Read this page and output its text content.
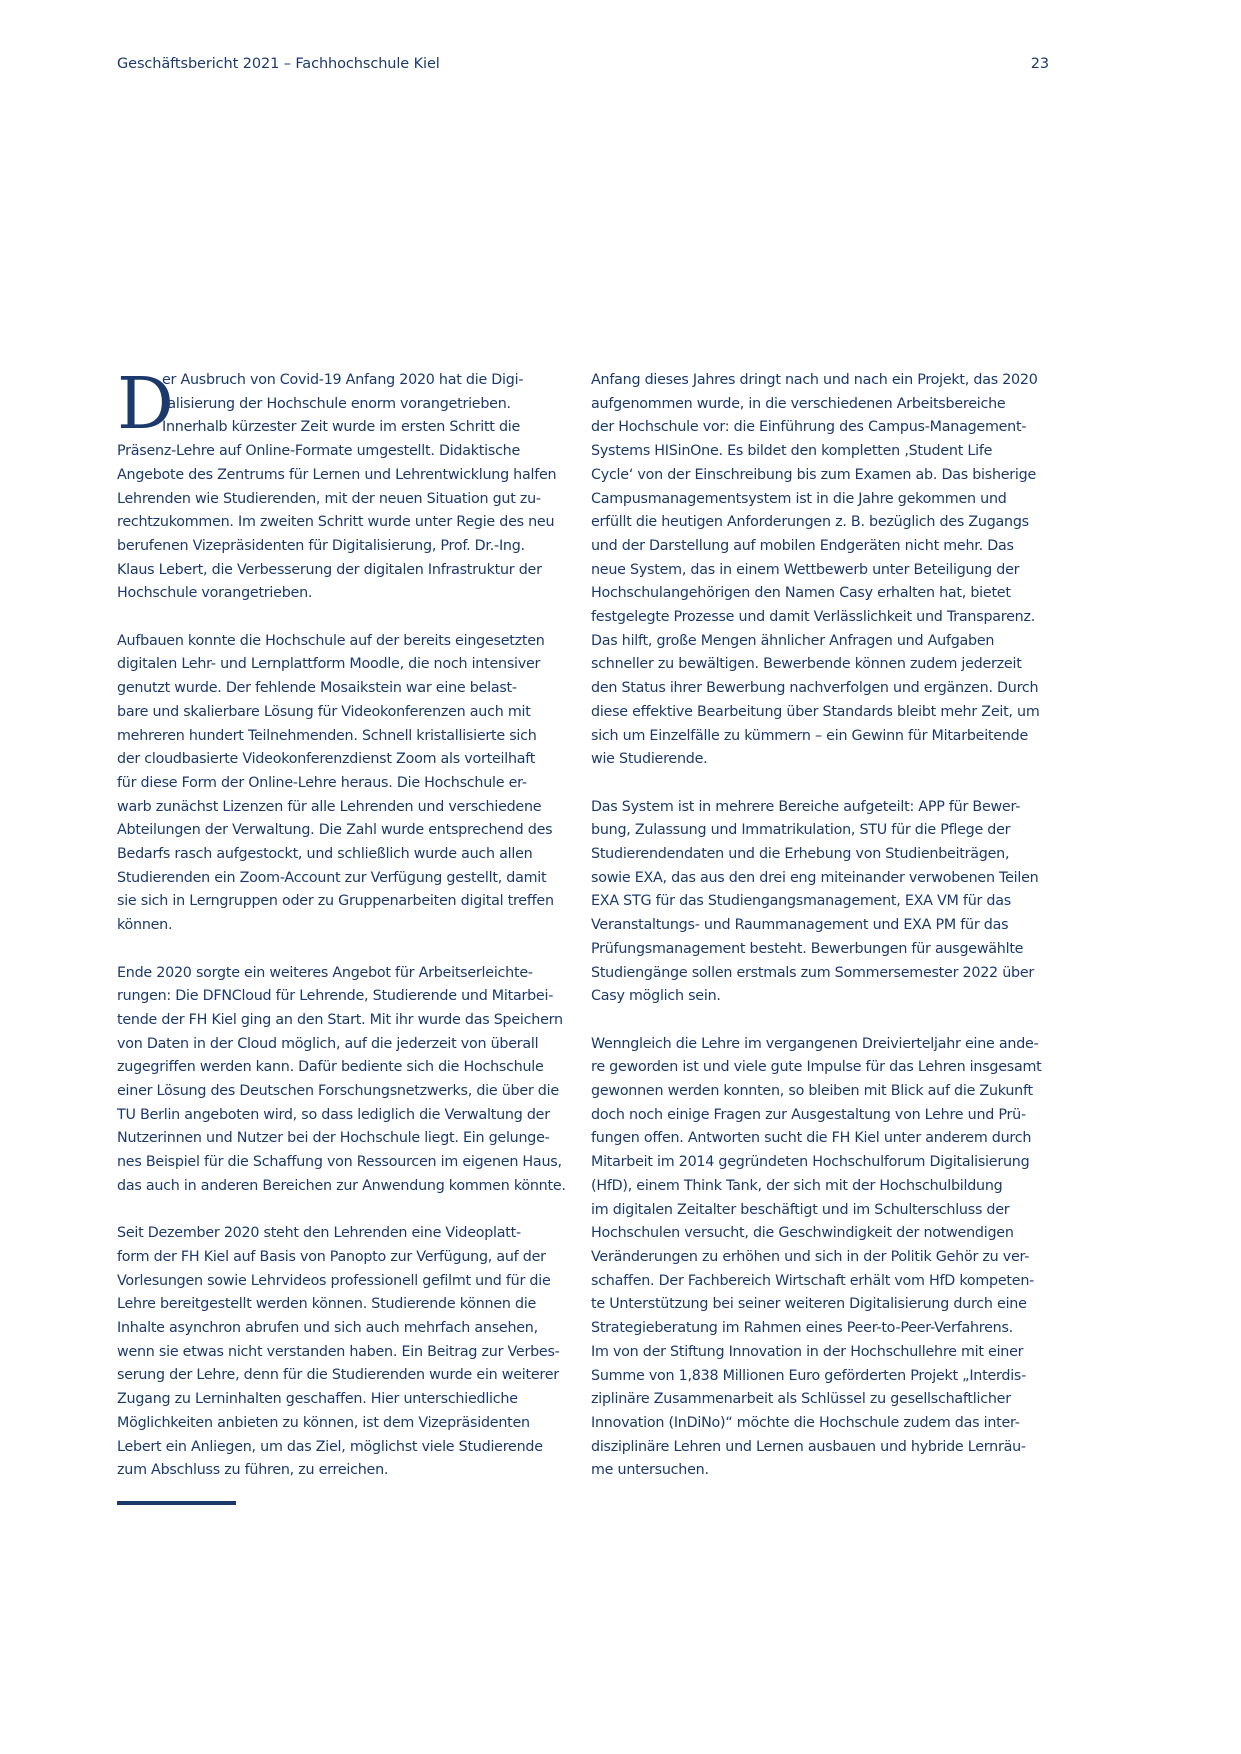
Geschäftsbericht 2021 – Fachhochschule Kiel	23
D
er Ausbruch von Covid-19 Anfang 2020 hat die Digi-
talisierung der Hochschule enorm vorangetrieben.
Innerhalb kürzester Zeit wurde im ersten Schritt die
Präsenz-Lehre auf Online-Formate umgestellt. Didaktische
Angebote des Zentrums für Lernen und Lehrentwicklung halfen
Lehrenden wie Studierenden, mit der neuen Situation gut zu-
rechtzukommen. Im zweiten Schritt wurde unter Regie des neu
berufenen Vizepräsidenten für Digitalisierung, Prof. Dr.-Ing.
Klaus Lebert, die Verbesserung der digitalen Infrastruktur der
Hochschule vorangetrieben.
Aufbauen konnte die Hochschule auf der bereits eingesetzten
digitalen Lehr- und Lernplattform Moodle, die noch intensiver
genutzt wurde. Der fehlende Mosaikstein war eine belast-
bare und skalierbare Lösung für Videokonferenzen auch mit
mehreren hundert Teilnehmenden. Schnell kristallisierte sich
der cloudbasierte Videokonferenzdienst Zoom als vorteilhaft
für diese Form der Online-Lehre heraus. Die Hochschule er-
warb zunächst Lizenzen für alle Lehrenden und verschiedene
Abteilungen der Verwaltung. Die Zahl wurde entsprechend des
Bedarfs rasch aufgestockt, und schließlich wurde auch allen
Studierenden ein Zoom-Account zur Verfügung gestellt, damit
sie sich in Lerngruppen oder zu Gruppenarbeiten digital treffen
können.
Ende 2020 sorgte ein weiteres Angebot für Arbeitserleichte-
rungen: Die DFNCloud für Lehrende, Studierende und Mitarbei-
tende der FH Kiel ging an den Start. Mit ihr wurde das Speichern
von Daten in der Cloud möglich, auf die jederzeit von überall
zugegriffen werden kann. Dafür bediente sich die Hochschule
einer Lösung des Deutschen Forschungsnetzwerks, die über die
TU Berlin angeboten wird, so dass lediglich die Verwaltung der
Nutzerinnen und Nutzer bei der Hochschule liegt. Ein gelunge-
nes Beispiel für die Schaffung von Ressourcen im eigenen Haus,
das auch in anderen Bereichen zur Anwendung kommen könnte.
Seit Dezember 2020 steht den Lehrenden eine Videoplatt-
form der FH Kiel auf Basis von Panopto zur Verfügung, auf der
Vorlesungen sowie Lehrvideos professionell gefilmt und für die
Lehre bereitgestellt werden können. Studierende können die
Inhalte asynchron abrufen und sich auch mehrfach ansehen,
wenn sie etwas nicht verstanden haben. Ein Beitrag zur Verbes-
serung der Lehre, denn für die Studierenden wurde ein weiterer
Zugang zu Lerninhalten geschaffen. Hier unterschiedliche
Möglichkeiten anbieten zu können, ist dem Vizepräsidenten
Lebert ein Anliegen, um das Ziel, möglichst viele Studierende
zum Abschluss zu führen, zu erreichen.
Anfang dieses Jahres dringt nach und nach ein Projekt, das 2020
aufgenommen wurde, in die verschiedenen Arbeitsbereiche
der Hochschule vor: die Einführung des Campus-Management-
Systems HISinOne. Es bildet den kompletten ‚Student Life
Cycle‘ von der Einschreibung bis zum Examen ab. Das bisherige
Campusmanagementsystem ist in die Jahre gekommen und
erfüllt die heutigen Anforderungen z. B. bezüglich des Zugangs
und der Darstellung auf mobilen Endgeräten nicht mehr. Das
neue System, das in einem Wettbewerb unter Beteiligung der
Hochschulangehörigen den Namen Casy erhalten hat, bietet
festgelegte Prozesse und damit Verlässlichkeit und Transparenz.
Das hilft, große Mengen ähnlicher Anfragen und Aufgaben
schneller zu bewältigen. Bewerbende können zudem jederzeit
den Status ihrer Bewerbung nachverfolgen und ergänzen. Durch
diese effektive Bearbeitung über Standards bleibt mehr Zeit, um
sich um Einzelfälle zu kümmern – ein Gewinn für Mitarbeitende
wie Studierende.
Das System ist in mehrere Bereiche aufgeteilt: APP für Bewer-
bung, Zulassung und Immatrikulation, STU für die Pflege der
Studierendendaten und die Erhebung von Studienbeiträgen,
sowie EXA, das aus den drei eng miteinander verwobenen Teilen
EXA STG für das Studiengangsmanagement, EXA VM für das
Veranstaltungs- und Raummanagement und EXA PM für das
Prüfungsmanagement besteht. Bewerbungen für ausgewählte
Studiengänge sollen erstmals zum Sommersemester 2022 über
Casy möglich sein.
Wenngleich die Lehre im vergangenen Dreivierteljahr eine ande-
re geworden ist und viele gute Impulse für das Lehren insgesamt
gewonnen werden konnten, so bleiben mit Blick auf die Zukunft
doch noch einige Fragen zur Ausgestaltung von Lehre und Prü-
fungen offen. Antworten sucht die FH Kiel unter anderem durch
Mitarbeit im 2014 gegründeten Hochschulforum Digitalisierung
(HfD), einem Think Tank, der sich mit der Hochschulbildung
im digitalen Zeitalter beschäftigt und im Schulterschluss der
Hochschulen versucht, die Geschwindigkeit der notwendigen
Veränderungen zu erhöhen und sich in der Politik Gehör zu ver-
schaffen. Der Fachbereich Wirtschaft erhält vom HfD kompeten-
te Unterstützung bei seiner weiteren Digitalisierung durch eine
Strategieberatung im Rahmen eines Peer-to-Peer-Verfahrens.
Im von der Stiftung Innovation in der Hochschullehre mit einer
Summe von 1,838 Millionen Euro geförderten Projekt „Interdis-
ziplinäre Zusammenarbeit als Schlüssel zu gesellschaftlicher
Innovation (InDiNo)“ möchte die Hochschule zudem das inter-
disziplinäre Lehren und Lernen ausbauen und hybride Lernräu-
me untersuchen.
